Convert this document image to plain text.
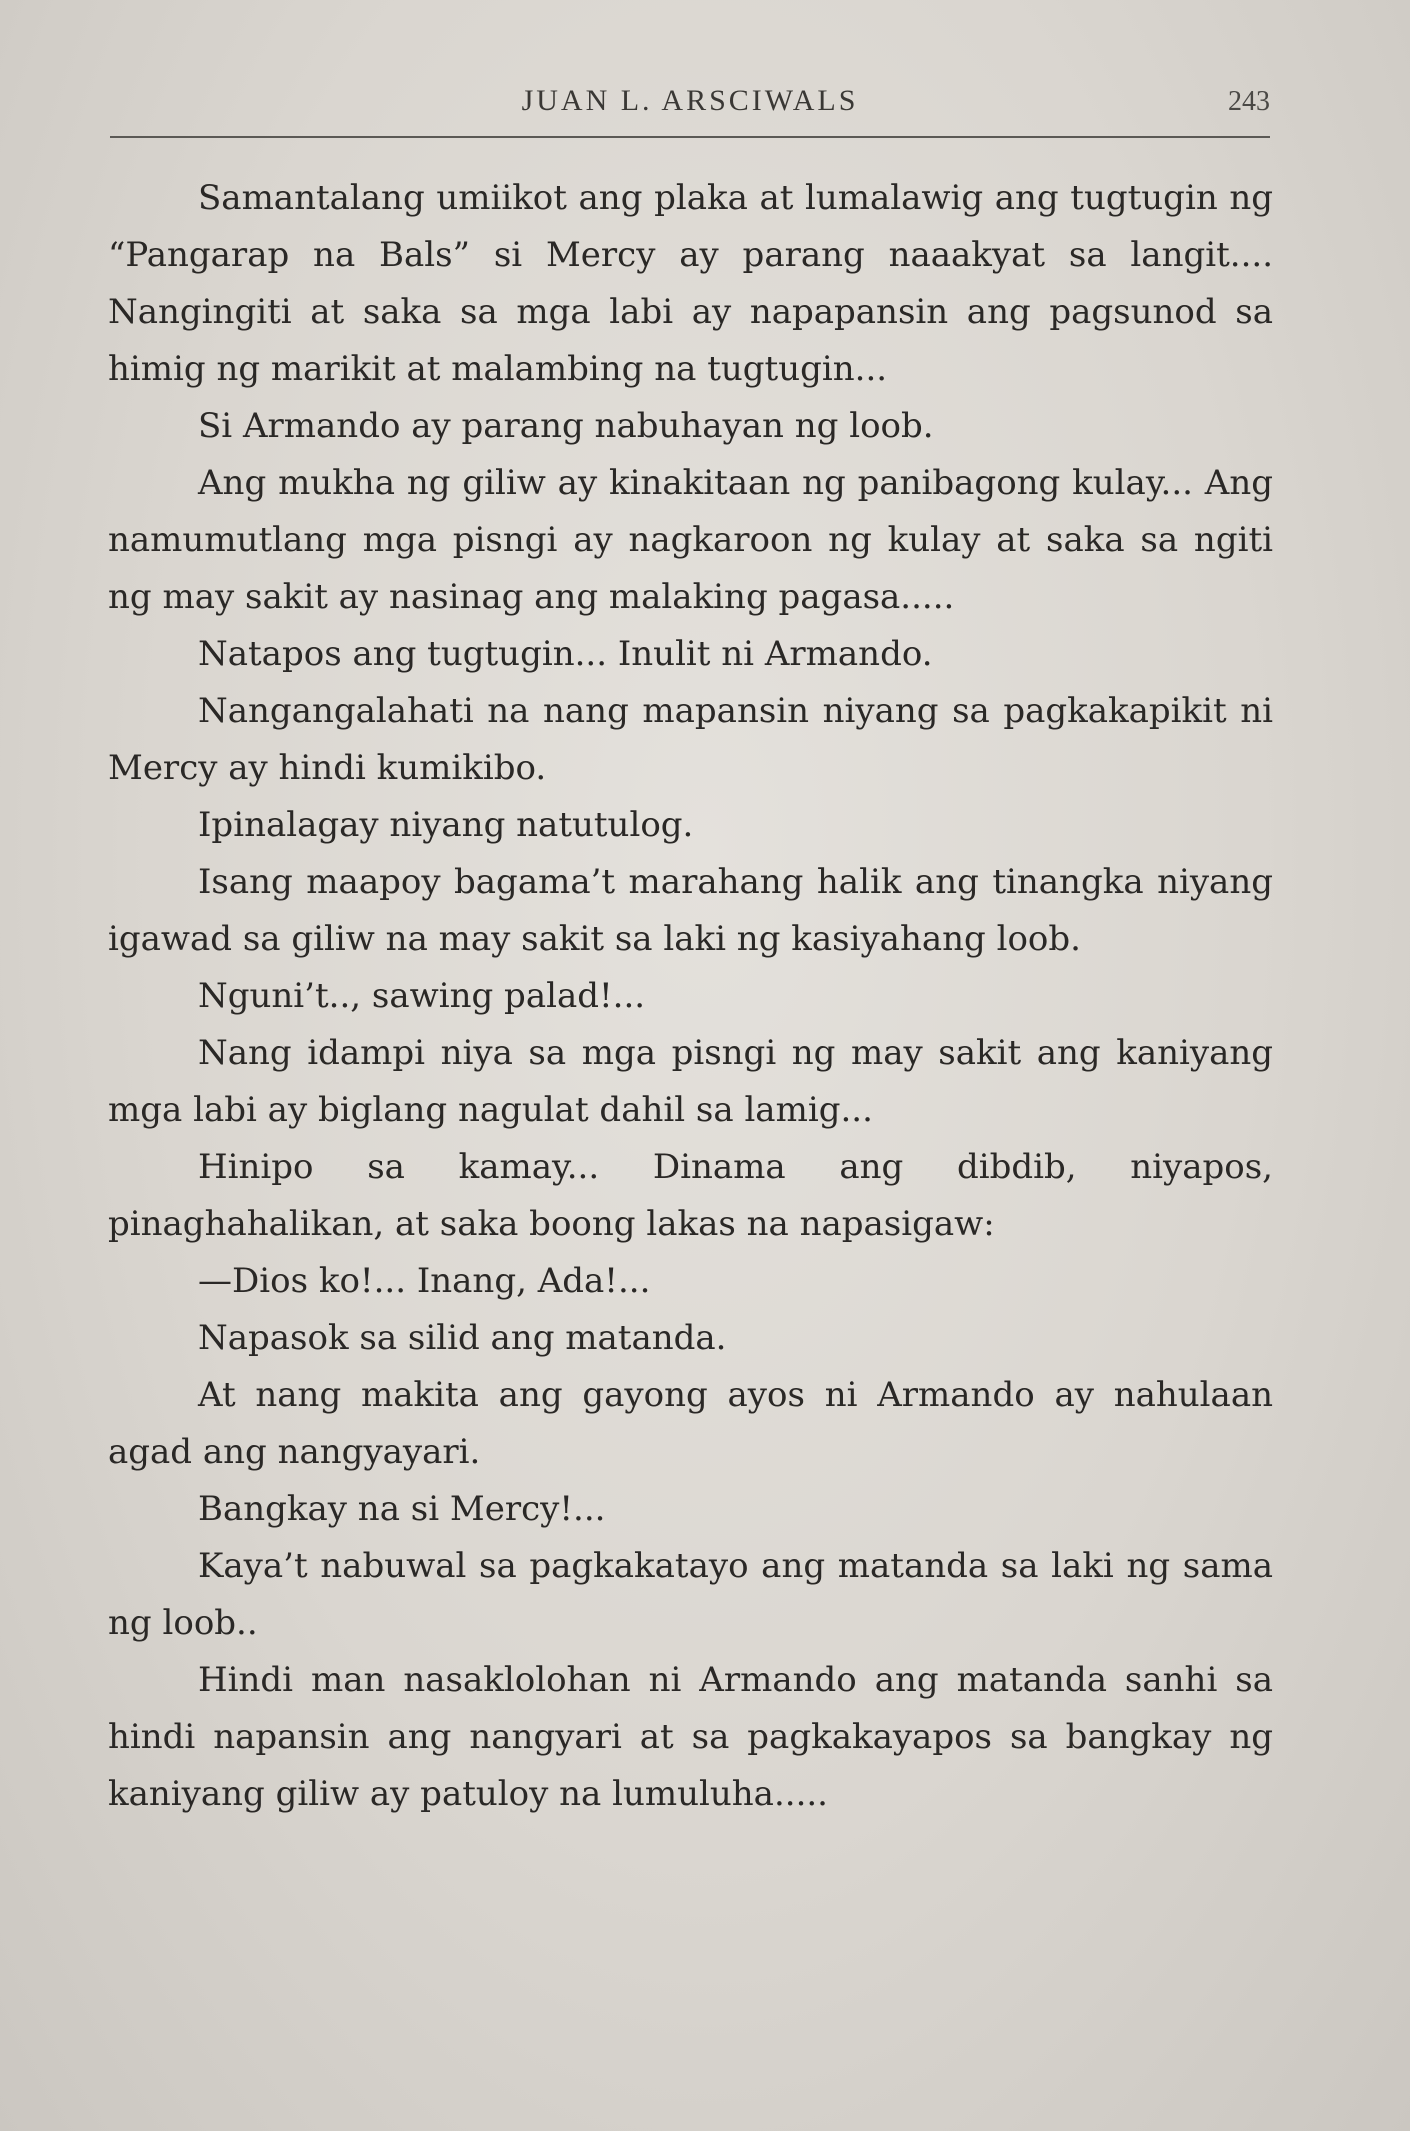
JUAN L. ARSCIWALS	243

Samantalang umiikot ang plaka at lumalawig ang tugtugin ng “Pangarap na Bals” si Mercy ay parang naaakyat sa langit.... Nangingiti at saka sa mga labi ay napapansin ang pagsunod sa himig ng marikit at malambing na tugtugin...

Si Armando ay parang nabuhayan ng loob.

Ang mukha ng giliw ay kinakitaan ng panibagong kulay... Ang namumutlang mga pisngi ay nagkaroon ng kulay at saka sa ngiti ng may sakit ay nasinag ang malaking pagasa.....

Natapos ang tugtugin... Inulit ni Armando.

Nangangalahati na nang mapansin niyang sa pagkakapikit ni Mercy ay hindi kumikibo.

Ipinalagay niyang natutulog.

Isang maapoy bagama’t marahang halik ang tinangka niyang igawad sa giliw na may sakit sa laki ng kasiyahang loob.

Nguni’t.., sawing palad!...

Nang idampi niya sa mga pisngi ng may sakit ang kaniyang mga labi ay biglang nagulat dahil sa lamig...

Hinipo sa kamay... Dinama ang dibdib, niyapos, pinaghahalikan, at saka boong lakas na napasigaw:

—Dios ko!... Inang, Ada!...

Napasok sa silid ang matanda.

At nang makita ang gayong ayos ni Armando ay nahulaan agad ang nangyayari.

Bangkay na si Mercy!...

Kaya’t nabuwal sa pagkakatayo ang matanda sa laki ng sama ng loob..

Hindi man nasaklolohan ni Armando ang matanda sanhi sa hindi napansin ang nangyari at sa pagkakayapos sa bangkay ng kaniyang giliw ay patuloy na lumuluha.....
